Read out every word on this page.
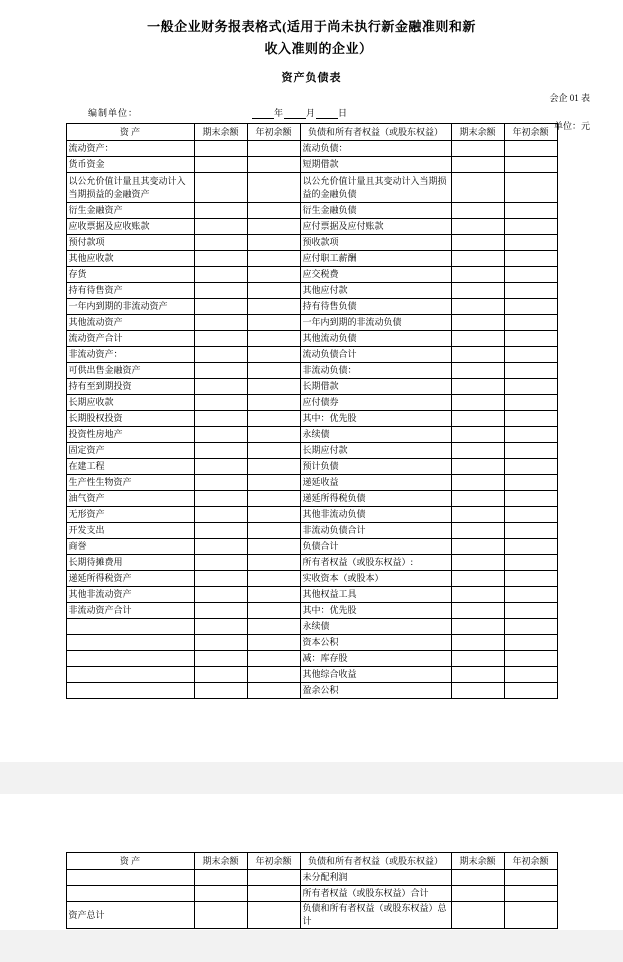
一般企业财务报表格式(适用于尚未执行新金融准则和新
收入准则的企业）
资产负债表
会企 01 表
编制单位：	年 月 日
单位：元
资 产	期末余额	年初余额	负债和所有者权益（或股东权益）	期末余额	年初余额
流动资产：			流动负债：		
货币资金			短期借款		
以公允价值计量且其变动计入当期损益的金融资产			以公允价值计量且其变动计入当期损益的金融负债		
衍生金融资产			衍生金融负债		
应收票据及应收账款			应付票据及应付账款		
预付款项			预收款项		
其他应收款			应付职工薪酬		
存货			应交税费		
持有待售资产			其他应付款		
一年内到期的非流动资产			持有待售负债		
其他流动资产			一年内到期的非流动负债		
流动资产合计			其他流动负债		
非流动资产：			流动负债合计		
可供出售金融资产			非流动负债：		
持有至到期投资			长期借款		
长期应收款			应付债券		
长期股权投资			其中：优先股		
投资性房地产			永续债		
固定资产			长期应付款		
在建工程			预计负债		
生产性生物资产			递延收益		
油气资产			递延所得税负债		
无形资产			其他非流动负债		
开发支出			非流动负债合计		
商誉			负债合计		
长期待摊费用			所有者权益（或股东权益）:		
递延所得税资产			实收资本（或股本）		
其他非流动资产			其他权益工具		
非流动资产合计			其中：优先股		
			永续债		
			资本公积		
			减：库存股		
			其他综合收益		
			盈余公积		
资 产	期末余额	年初余额	负债和所有者权益（或股东权益）	期末余额	年初余额
			未分配利润		
			所有者权益（或股东权益）合计		
资产总计			负债和所有者权益（或股东权益）总计		
